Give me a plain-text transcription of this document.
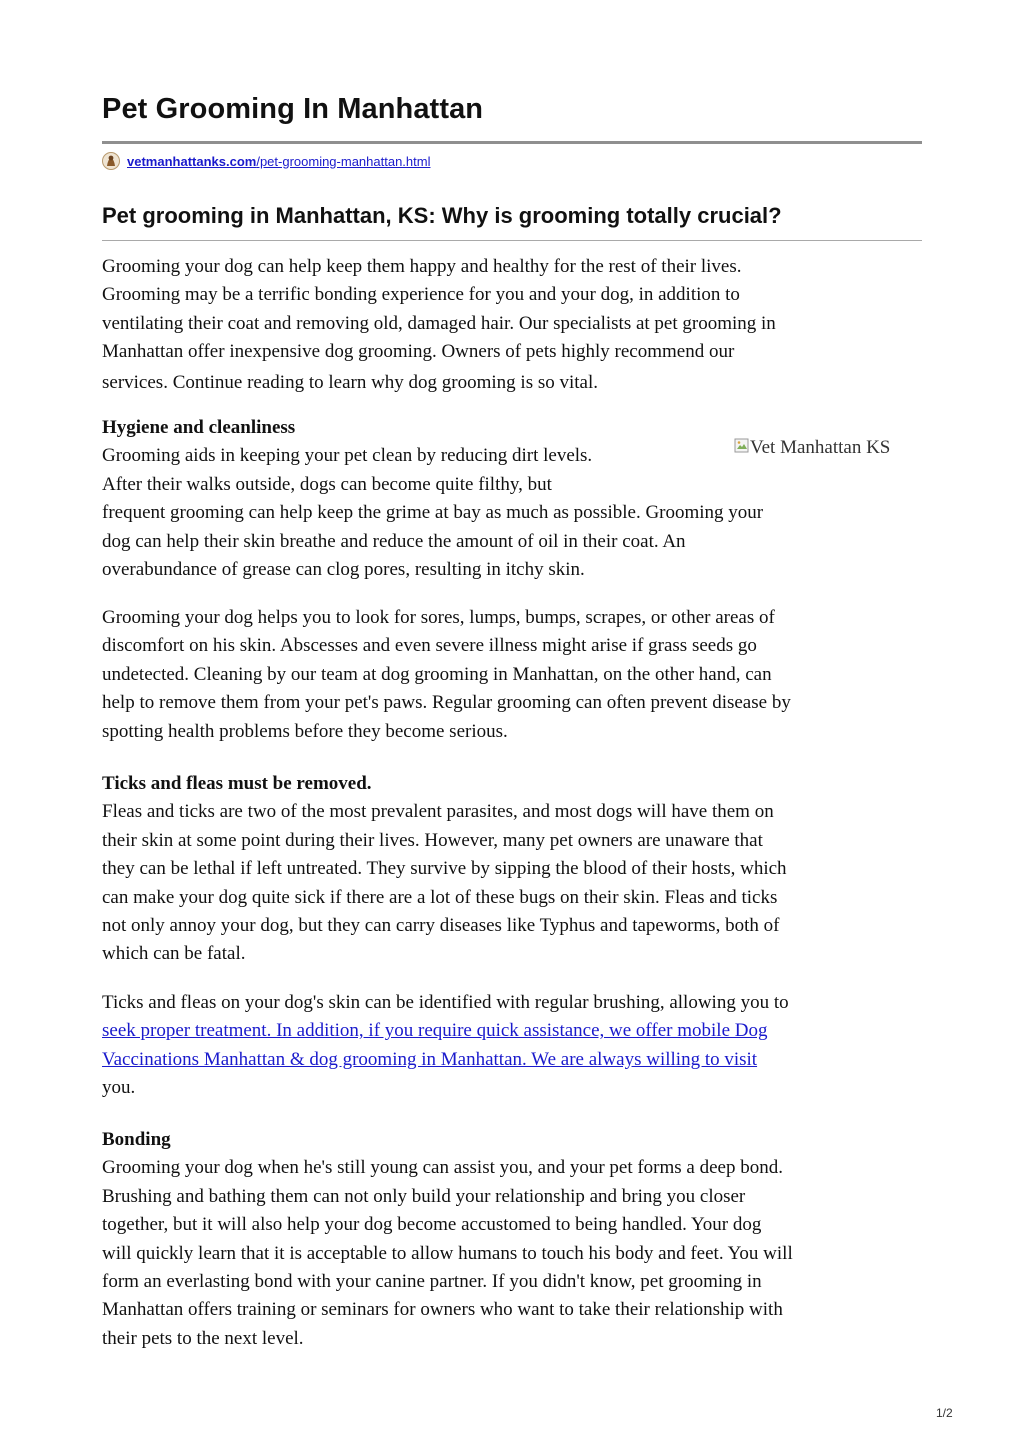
Pet Grooming In Manhattan
vetmanhattanks.com/pet-grooming-manhattan.html
Pet grooming in Manhattan, KS: Why is grooming totally crucial?

Grooming your dog can help keep them happy and healthy for the rest of their lives.
Grooming may be a terrific bonding experience for you and your dog, in addition to
ventilating their coat and removing old, damaged hair. Our specialists at pet grooming in
Manhattan offer inexpensive dog grooming. Owners of pets highly recommend our
services. Continue reading to learn why dog grooming is so vital.

Hygiene and cleanliness
Grooming aids in keeping your pet clean by reducing dirt levels.
After their walks outside, dogs can become quite filthy, but
frequent grooming can help keep the grime at bay as much as possible. Grooming your
dog can help their skin breathe and reduce the amount of oil in their coat. An
overabundance of grease can clog pores, resulting in itchy skin.

Vet Manhattan KS

Grooming your dog helps you to look for sores, lumps, bumps, scrapes, or other areas of
discomfort on his skin. Abscesses and even severe illness might arise if grass seeds go
undetected. Cleaning by our team at dog grooming in Manhattan, on the other hand, can
help to remove them from your pet's paws. Regular grooming can often prevent disease by
spotting health problems before they become serious.

Ticks and fleas must be removed.
Fleas and ticks are two of the most prevalent parasites, and most dogs will have them on
their skin at some point during their lives. However, many pet owners are unaware that
they can be lethal if left untreated. They survive by sipping the blood of their hosts, which
can make your dog quite sick if there are a lot of these bugs on their skin. Fleas and ticks
not only annoy your dog, but they can carry diseases like Typhus and tapeworms, both of
which can be fatal.

Ticks and fleas on your dog's skin can be identified with regular brushing, allowing you to
seek proper treatment. In addition, if you require quick assistance, we offer mobile Dog
Vaccinations Manhattan & dog grooming in Manhattan. We are always willing to visit
you.

Bonding
Grooming your dog when he's still young can assist you, and your pet forms a deep bond.
Brushing and bathing them can not only build your relationship and bring you closer
together, but it will also help your dog become accustomed to being handled. Your dog
will quickly learn that it is acceptable to allow humans to touch his body and feet. You will
form an everlasting bond with your canine partner. If you didn't know, pet grooming in
Manhattan offers training or seminars for owners who want to take their relationship with
their pets to the next level.

1/2
